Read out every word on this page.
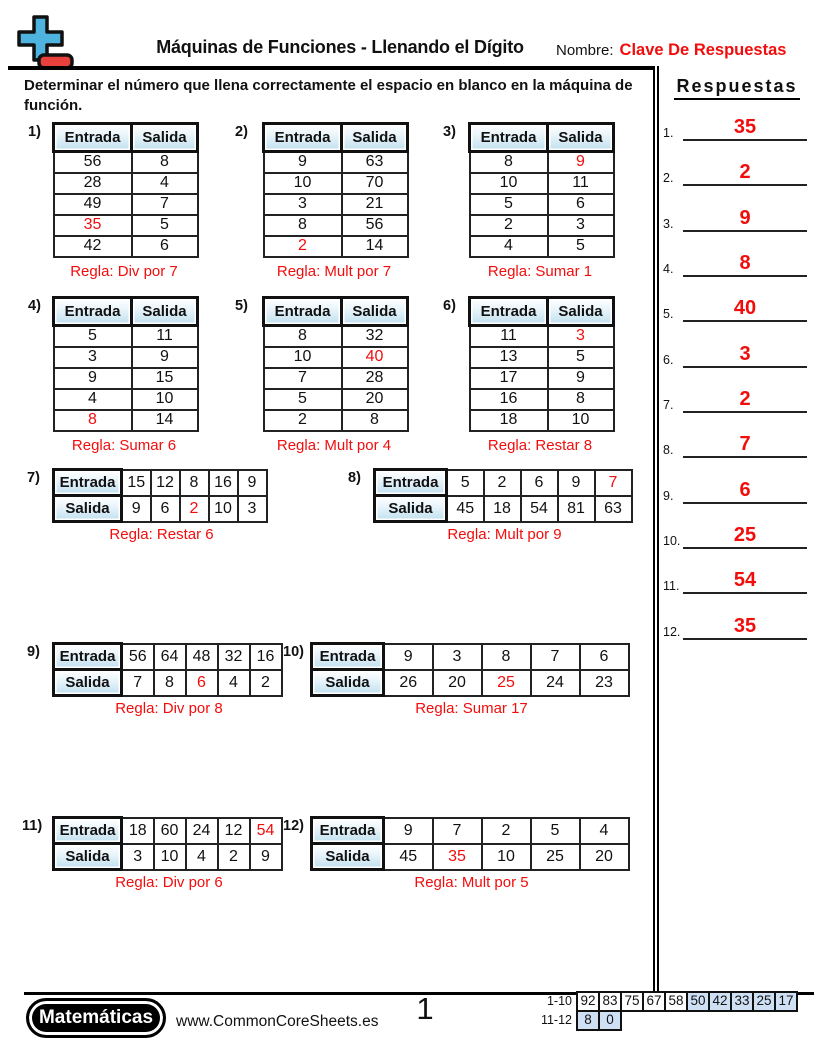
Máquinas de Funciones - Llenando el Dígito	Nombre: Clave De Respuestas
Determinar el número que llena correctamente el espacio en blanco en la máquina de función.
Respuestas
1.	35
2.	2
3.	9
4.	8
5.	40
6.	3
7.	2
8.	7
9.	6
10.	25
11.	54
12.	35
1) Entrada	Salida
56	8
28	4
49	7
35	5
42	6
Regla: Div por 7
2) Entrada	Salida
9	63
10	70
3	21
8	56
2	14
Regla: Mult por 7
3) Entrada	Salida
8	9
10	11
5	6
2	3
4	5
Regla: Sumar 1
4) Entrada	Salida
5	11
3	9
9	15
4	10
8	14
Regla: Sumar 6
5) Entrada	Salida
8	32
10	40
7	28
5	20
2	8
Regla: Mult por 4
6) Entrada	Salida
11	3
13	5
17	9
16	8
18	10
Regla: Restar 8
7) Entrada	15	12	8	16	9
Salida	9	6	2	10	3
Regla: Restar 6
8) Entrada	5	2	6	9	7
Salida	45	18	54	81	63
Regla: Mult por 9
9) Entrada	56	64	48	32	16
Salida	7	8	6	4	2
Regla: Div por 8
10) Entrada	9	3	8	7	6
Salida	26	20	25	24	23
Regla: Sumar 17
11) Entrada	18	60	24	12	54
Salida	3	10	4	2	9
Regla: Div por 6
12) Entrada	9	7	2	5	4
Salida	45	35	10	25	20
Regla: Mult por 5
Matemáticas	www.CommonCoreSheets.es	1	1-10 92 83 75 67 58 50 42 33 25 17
11-12 8	0
